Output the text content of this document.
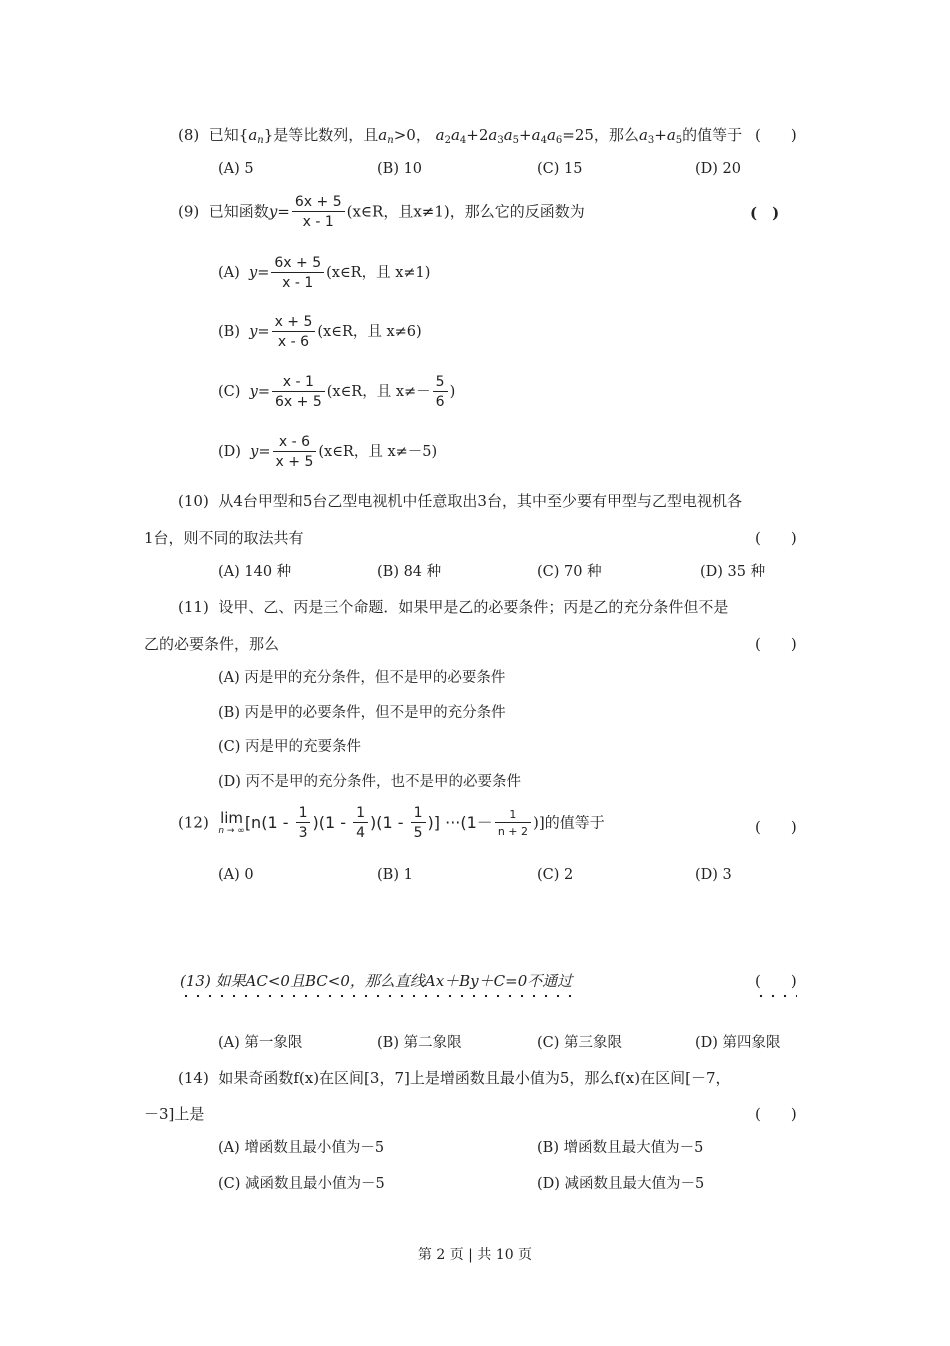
(8) 已知$\{a_n\}$是等比数列，且$a_n>0$， $a_2a_4+2a_3a_5+a_4a_6=25$，那么$a_3+a_5$的值等于 (　　)
(A) 5	(B) 10	(C) 15	(D) 20
(9) 已知函数$y= \frac{6x + 5}{x - 1}$ (x∈R，且x≠1)，那么它的反函数为	(　)
(A) $y= \frac{6x + 5}{x - 1}$ (x∈R，且 x≠1)
(B) $y= \frac{x + 5}{x - 6}$ (x∈R，且 x≠6)
(C) $y= \frac{x - 1}{6x + 5}$ (x∈R，且 $x\ne- \frac{5}{6}$ )
(D) $y= \frac{x - 6}{x + 5}$ (x∈R，且 x≠－5)
(10) 从4台甲型和5台乙型电视机中任意取出3台，其中至少要有甲型与乙型电视机各
1台，则不同的取法共有	(　　)
(A) 140 种	(B) 84 种	(C) 70 种	(D) 35 种
(11) 设甲、乙、丙是三个命题．如果甲是乙的必要条件；丙是乙的充分条件但不是
乙的必要条件，那么	(　　)
(A) 丙是甲的充分条件，但不是甲的必要条件
(B) 丙是甲的必要条件，但不是甲的充分条件
(C) 丙是甲的充要条件
(D) 丙不是甲的充分条件，也不是甲的必要条件
(12) lim
n → ∞ [$n(1 - \frac{1}{3} )(1 - \frac{1}{4} )(1 - \frac{1}{5}$ )] $\cdot\cdot\cdot(1- \frac{1}{n + 2}$ )]的值等于	(　　)
(A) 0	(B) 1	(C) 2	(D) 3
(13) 如果AC<0且BC<0，那么直线Ax＋By＋C=0不通过	(　　)
(A) 第一象限	(B) 第二象限	(C) 第三象限	(D) 第四象限
(14) 如果奇函数f(x)在区间[3，7]上是增函数且最小值为5，那么f(x)在区间[－7，
－3]上是	(　　)
(A) 增函数且最小值为－5	(B) 增函数且最大值为－5
(C) 减函数且最小值为－5	(D) 减函数且最大值为－5
第 2 页 | 共 10 页
